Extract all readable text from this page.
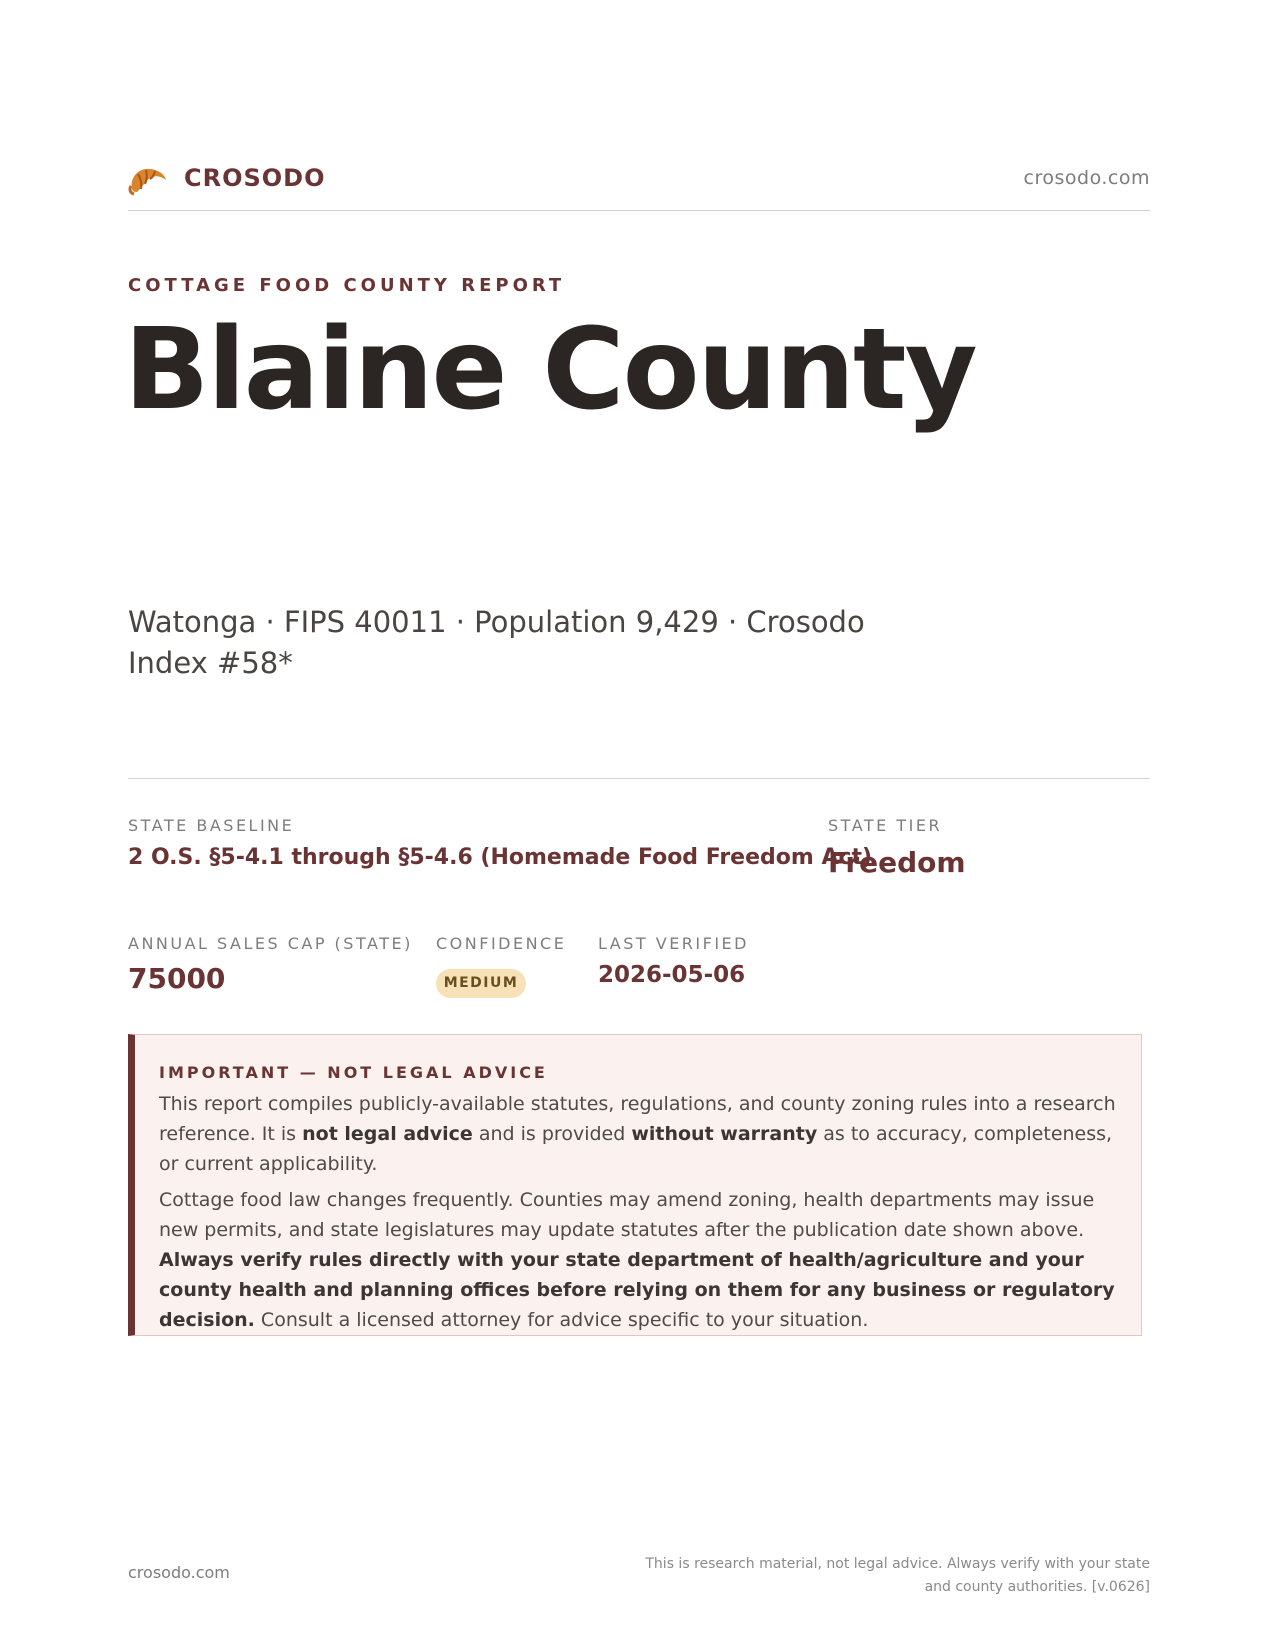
CROSODO	crosodo.com
COTTAGE FOOD COUNTY REPORT
Blaine County
Watonga · FIPS 40011 · Population 9,429 · Crosodo Index #58*
STATE BASELINE
2 O.S. §5-4.1 through §5-4.6 (Homemade Food Freedom Act)
STATE TIER
Freedom
ANNUAL SALES CAP (STATE)
75000
CONFIDENCE
MEDIUM
LAST VERIFIED
2026-05-06
IMPORTANT — NOT LEGAL ADVICE
This report compiles publicly-available statutes, regulations, and county zoning rules into a research reference. It is not legal advice and is provided without warranty as to accuracy, completeness, or current applicability.
Cottage food law changes frequently. Counties may amend zoning, health departments may issue new permits, and state legislatures may update statutes after the publication date shown above. Always verify rules directly with your state department of health/agriculture and your county health and planning offices before relying on them for any business or regulatory decision. Consult a licensed attorney for advice specific to your situation.
crosodo.com	This is research material, not legal advice. Always verify with your state
and county authorities. [v.0626]
